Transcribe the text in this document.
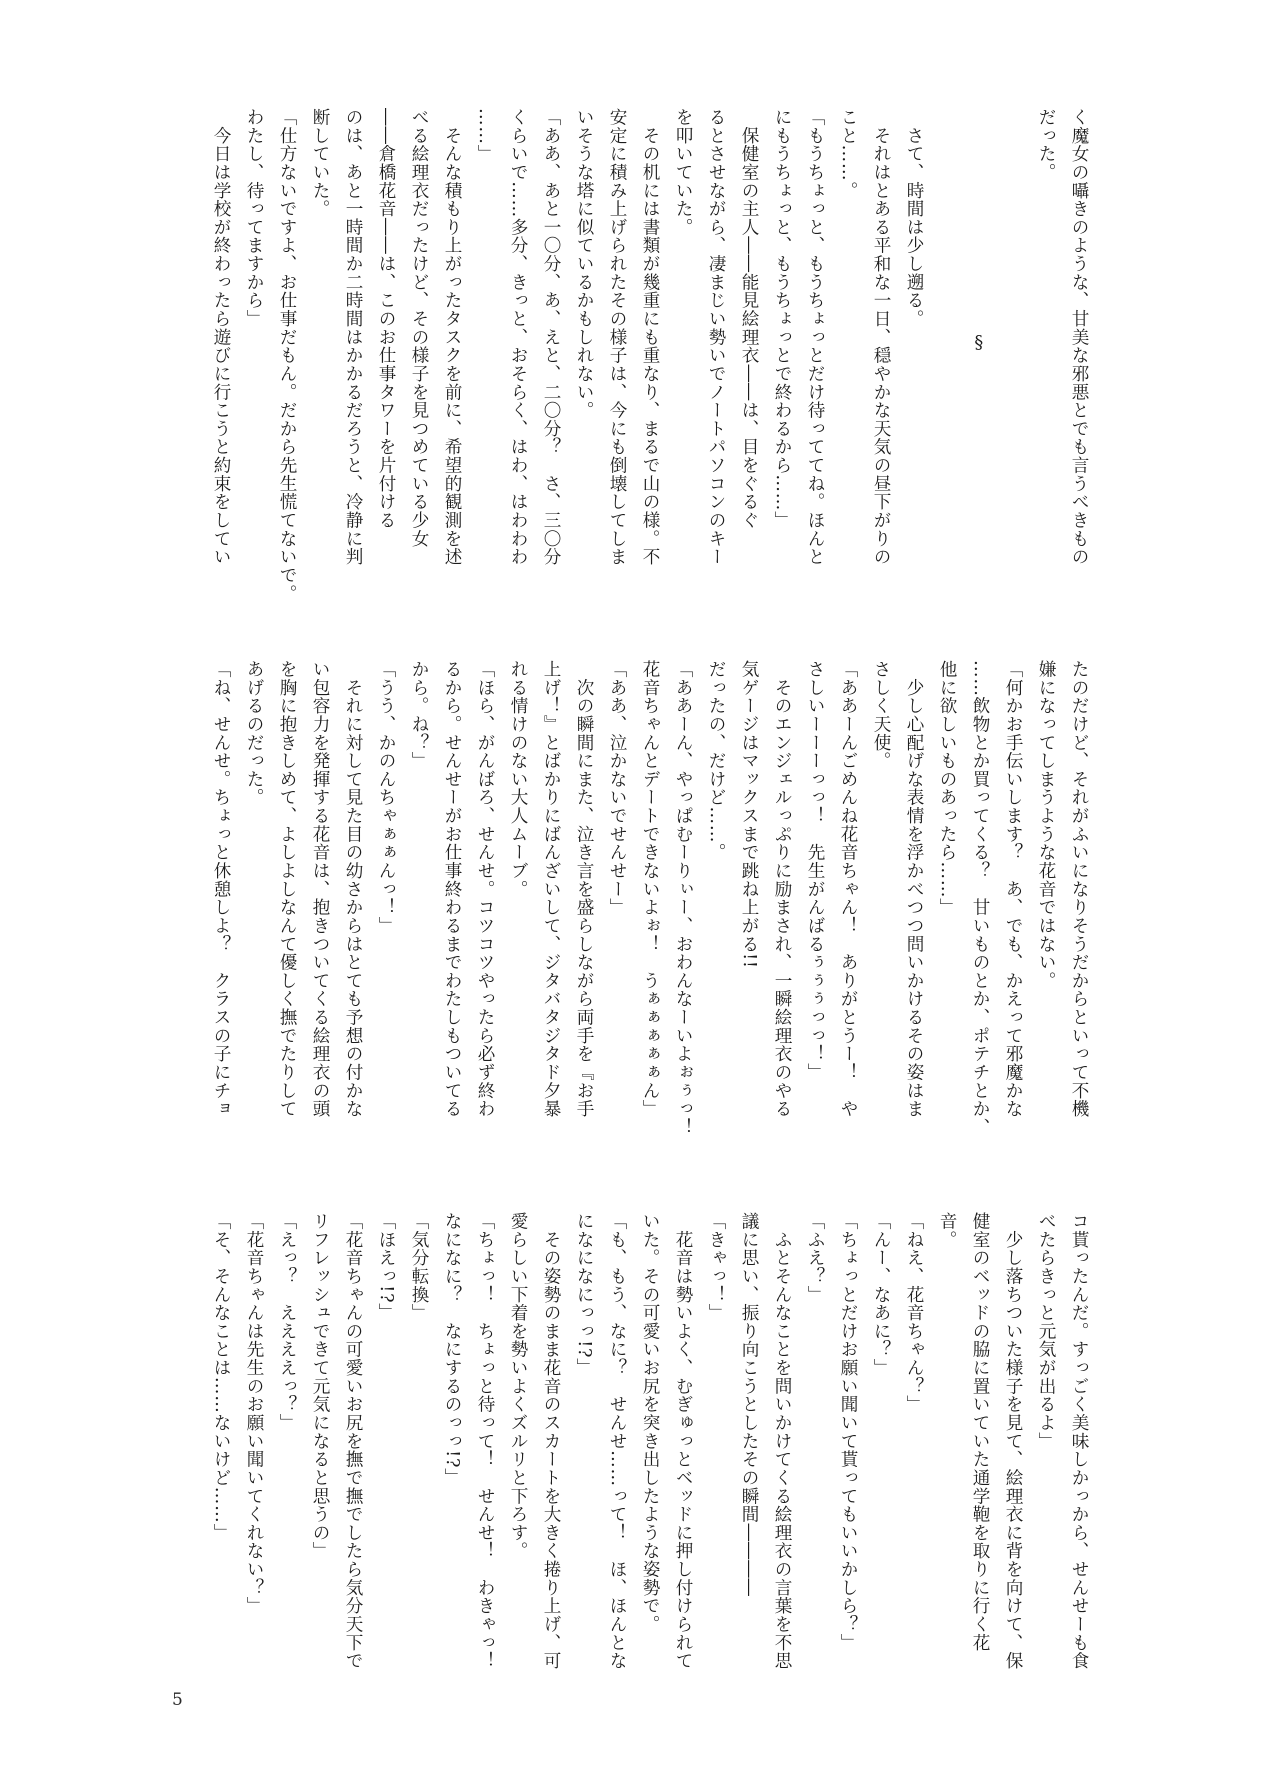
く魔女の囁きのような、甘美な邪悪とでも言うべきもの
だった。
§
　さて、時間は少し遡る。
　それはとある平和な一日、穏やかな天気の昼下がりの
こと……。
「もうちょっと、もうちょっとだけ待っててね。ほんと
にもうちょっと、もうちょっとで終わるから……」
　保健室の主人――能見絵理衣――は、目をぐるぐ
るとさせながら、凄まじい勢いでノートパソコンのキー
を叩いていた。
　その机には書類が幾重にも重なり、まるで山の様。不
安定に積み上げられたその様子は、今にも倒壊してしま
いそうな塔に似ているかもしれない。
「ああ、あと一〇分、あ、えと、二〇分？　さ、三〇分
くらいで……多分、きっと、おそらく、はわ、はわわわ
……」
　そんな積もり上がったタスクを前に、希望的観測を述
べる絵理衣だったけど、その様子を見つめている少女
――倉橋花音――は、このお仕事タワーを片付ける
のは、あと一時間か二時間はかかるだろうと、冷静に判
断していた。
「仕方ないですよ、お仕事だもん。だから先生慌てないで。
わたし、待ってますから」
　今日は学校が終わったら遊びに行こうと約束をしてい
たのだけど、それがふいになりそうだからといって不機
嫌になってしまうような花音ではない。
「何かお手伝いします？　あ、でも、かえって邪魔かな
……飲物とか買ってくる？　甘いものとか、ポテチとか、
他に欲しいものあったら……」
　少し心配げな表情を浮かべつつ問いかけるその姿はま
さしく天使。
「ああーんごめんね花音ちゃん！　ありがとうー！　や
さしいーーーっっ！　先生がんばるぅぅぅっっ！」
　そのエンジェルっぷりに励まされ、一瞬絵理衣のやる
気ゲージはマックスまで跳ね上がる!!
だったの、だけど……。
「ああーん、やっぱむーりぃー、おわんなーいよぉぅっ！
花音ちゃんとデートできないよぉ！　うぁぁぁぁぁん」
「ああ、泣かないでせんせー」
　次の瞬間にまた、泣き言を盛らしながら両手を『お手
上げ！』とばかりにばんざいして、ジタバタジタド夕暴
れる情けのない大人ムーブ。
「ほら、がんばろ、せんせ。コツコツやったら必ず終わ
るから。せんせーがお仕事終わるまでわたしもついてる
から。ね？」
「うう、かのんちゃぁぁんっ！」
　それに対して見た目の幼さからはとても予想の付かな
い包容力を発揮する花音は、抱きついてくる絵理衣の頭
を胸に抱きしめて、よしよしなんて優しく撫でたりして
あげるのだった。
「ね、せんせ。ちょっと休憩しよ？　クラスの子にチョ
コ貰ったんだ。すっごく美味しかっから、せんせーも食
べたらきっと元気が出るよ」
　少し落ちついた様子を見て、絵理衣に背を向けて、保
健室のベッドの脇に置いていた通学鞄を取りに行く花
音。
「ねえ、花音ちゃん？」
「んー、なあに？」
「ちょっとだけお願い聞いて貰ってもいいかしら？」
「ふえ？」
　ふとそんなことを問いかけてくる絵理衣の言葉を不思
議に思い、振り向こうとしたその瞬間――――
「きゃっ！」
　花音は勢いよく、むぎゅっとベッドに押し付けられて
いた。その可愛いお尻を突き出したような姿勢で。
「も、もう、なに？　せんせ……って！　ほ、ほんとな
になになにっっ!?」
　その姿勢のまま花音のスカートを大きく捲り上げ、可
愛らしい下着を勢いよくズルリと下ろす。
「ちょっ！　ちょっと待って！　せんせ！　わきゃっ！
なになに？　なにするのっっ!?」
「気分転換」
「ほえっ!?」
「花音ちゃんの可愛いお尻を撫で撫でしたら気分天下で
リフレッシュできて元気になると思うの」
「えっ？　ええええっ？」
「花音ちゃんは先生のお願い聞いてくれない？」
「そ、そんなことは……ないけど……」
5
